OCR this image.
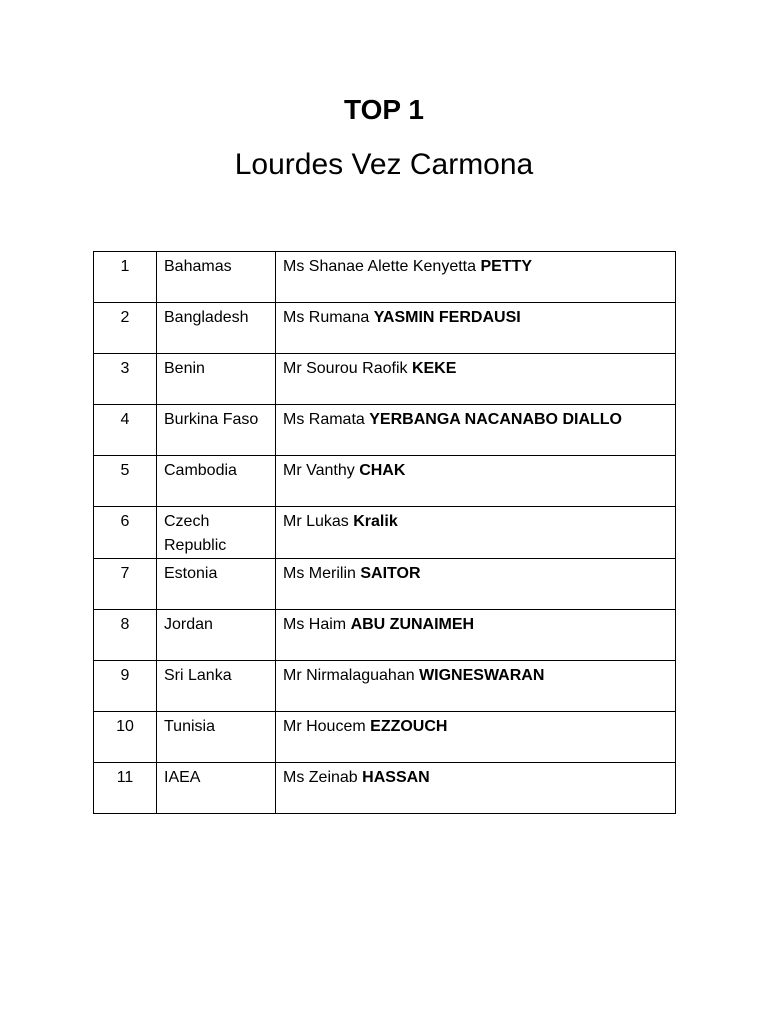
TOP 1
Lourdes Vez Carmona
1	Bahamas	Ms Shanae Alette Kenyetta PETTY
2	Bangladesh	Ms Rumana YASMIN FERDAUSI
3	Benin	Mr Sourou Raofik KEKE
4	Burkina Faso	Ms Ramata YERBANGA NACANABO DIALLO
5	Cambodia	Mr Vanthy CHAK
6	Czech Republic	Mr Lukas Kralik
7	Estonia	Ms Merilin SAITOR
8	Jordan	Ms Haim ABU ZUNAIMEH
9	Sri Lanka	Mr Nirmalaguahan WIGNESWARAN
10	Tunisia	Mr Houcem EZZOUCH
11	IAEA	Ms Zeinab HASSAN
